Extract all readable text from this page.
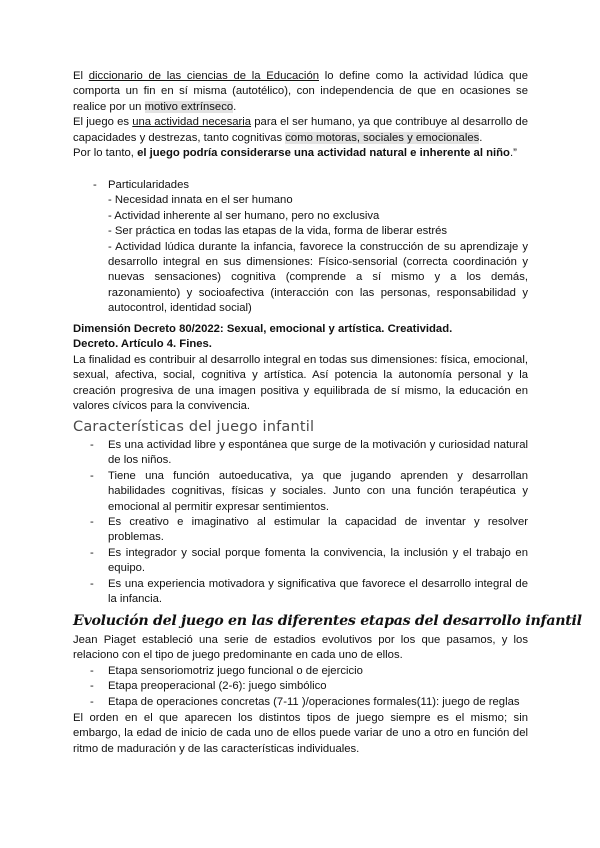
El diccionario de las ciencias de la Educación lo define como la actividad lúdica que comporta un fin en sí misma (autotélico), con independencia de que en ocasiones se realice por un motivo extrínseco.
El juego es una actividad necesaria para el ser humano, ya que contribuye al desarrollo de capacidades y destrezas, tanto cognitivas como motoras, sociales y emocionales.
Por lo tanto, el juego podría considerarse una actividad natural e inherente al niño.”
- Particularidades
- Necesidad innata en el ser humano
- Actividad inherente al ser humano, pero no exclusiva
- Ser práctica en todas las etapas de la vida, forma de liberar estrés
- Actividad lúdica durante la infancia, favorece la construcción de su aprendizaje y desarrollo integral en sus dimensiones: Físico-sensorial (correcta coordinación y nuevas sensaciones) cognitiva (comprende a sí mismo y a los demás, razonamiento) y socioafectiva (interacción con las personas, responsabilidad y autocontrol, identidad social)
Dimensión Decreto 80/2022: Sexual, emocional y artística. Creatividad.
Decreto. Artículo 4. Fines.
La finalidad es contribuir al desarrollo integral en todas sus dimensiones: física, emocional, sexual, afectiva, social, cognitiva y artística. Así potencia la autonomía personal y la creación progresiva de una imagen positiva y equilibrada de sí mismo, la educación en valores cívicos para la convivencia.
Características del juego infantil
- Es una actividad libre y espontánea que surge de la motivación y curiosidad natural de los niños.
- Tiene una función autoeducativa, ya que jugando aprenden y desarrollan habilidades cognitivas, físicas y sociales. Junto con una función terapéutica y emocional al permitir expresar sentimientos.
- Es creativo e imaginativo al estimular la capacidad de inventar y resolver problemas.
- Es integrador y social porque fomenta la convivencia, la inclusión y el trabajo en equipo.
- Es una experiencia motivadora y significativa que favorece el desarrollo integral de la infancia.
Evolución del juego en las diferentes etapas del desarrollo infantil
Jean Piaget estableció una serie de estadios evolutivos por los que pasamos, y los relaciono con el tipo de juego predominante en cada uno de ellos.
- Etapa sensoriomotriz juego funcional o de ejercicio
- Etapa preoperacional (2-6): juego simbólico
- Etapa de operaciones concretas (7-11 )/operaciones formales(11): juego de reglas
El orden en el que aparecen los distintos tipos de juego siempre es el mismo; sin embargo, la edad de inicio de cada uno de ellos puede variar de uno a otro en función del ritmo de maduración y de las características individuales.
